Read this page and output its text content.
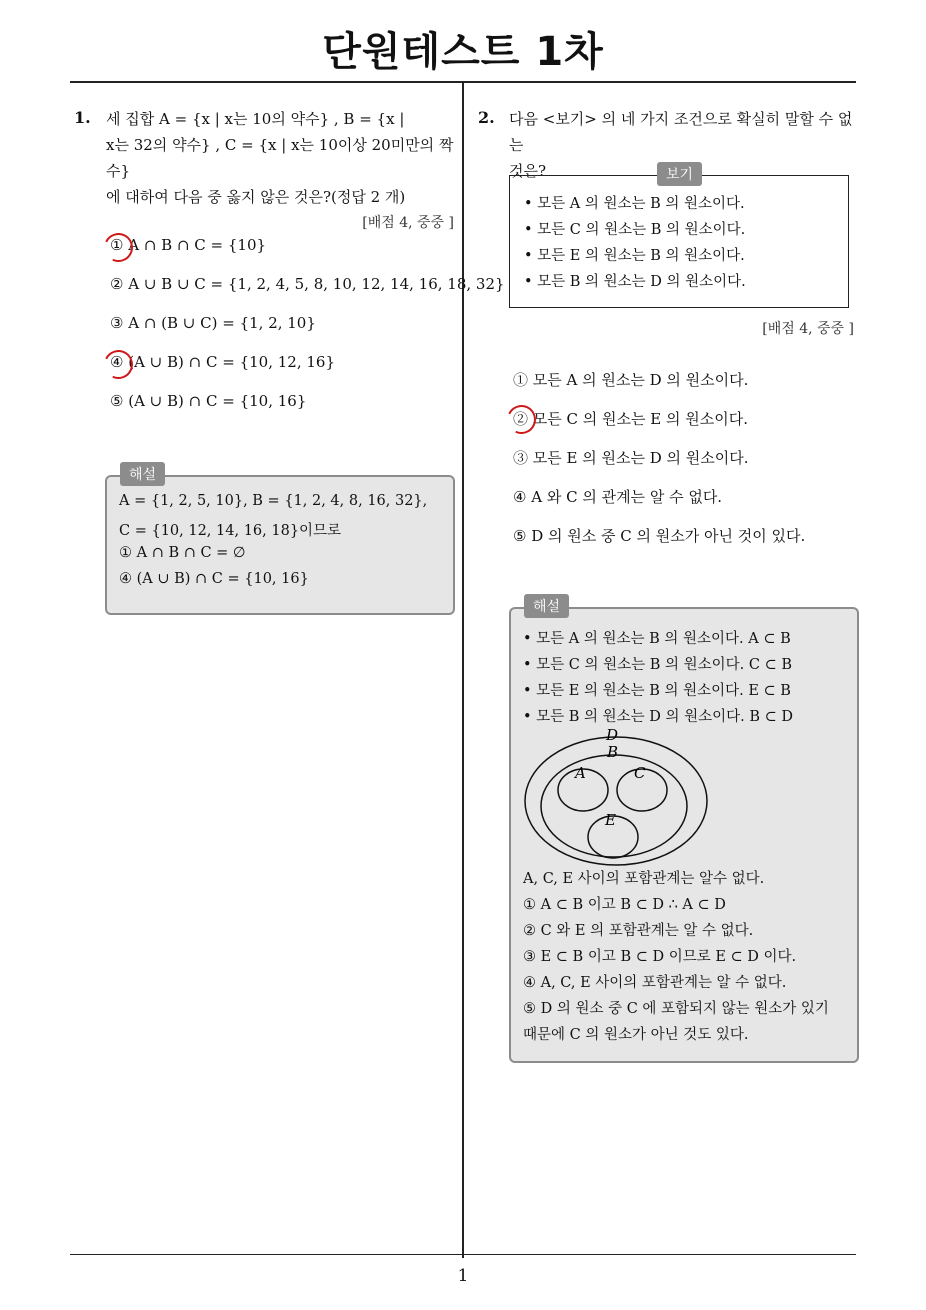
단원테스트 1차
1
1. 세 집합 A = {x | x는 10의 약수} , B = {x |
x는 32의 약수} , C = {x | x는 10이상 20미만의 짝수}
에 대하여 다음 중 옳지 않은 것은?(정답 2 개)
[배점 4, 중중 ]
① A ∩ B ∩ C = {10}
② A ∪ B ∪ C = {1, 2, 4, 5, 8, 10, 12, 14, 16, 18, 32}
③ A ∩ (B ∪ C) = {1, 2, 10}
④ (A ∪ B) ∩ C = {10, 12, 16}
⑤ (A ∪ B) ∩ C = {10, 16}
A = {1, 2, 5, 10}, B = {1, 2, 4, 8, 16, 32},
C = {10, 12, 14, 16, 18}이므로
① A ∩ B ∩ C = ∅
④ (A ∪ B) ∩ C = {10, 16}
해설
2. 다음 <보기> 의 네 가지 조건으로 확실히 말할 수 없는
것은?
• 모든 A 의 원소는 B 의 원소이다.
• 모든 C 의 원소는 B 의 원소이다.
• 모든 E 의 원소는 B 의 원소이다.
• 모든 B 의 원소는 D 의 원소이다.
보기
[배점 4, 중중 ]
① 모든 A 의 원소는 D 의 원소이다.
② 모든 C 의 원소는 E 의 원소이다.
③ 모든 E 의 원소는 D 의 원소이다.
④ A 와 C 의 관계는 알 수 없다.
⑤ D 의 원소 중 C 의 원소가 아닌 것이 있다.
• 모든 A 의 원소는 B 의 원소이다. A ⊂ B
• 모든 C 의 원소는 B 의 원소이다. C ⊂ B
• 모든 E 의 원소는 B 의 원소이다. E ⊂ B
• 모든 B 의 원소는 D 의 원소이다. B ⊂ D
D
B
A	C
E
A, C, E 사이의 포함관계는 알수 없다.
① A ⊂ B 이고 B ⊂ D ∴ A ⊂ D
② C 와 E 의 포함관계는 알 수 없다.
③ E ⊂ B 이고 B ⊂ D 이므로 E ⊂ D 이다.
④ A, C, E 사이의 포함관계는 알 수 없다.
⑤ D 의 원소 중 C 에 포함되지 않는 원소가 있기
때문에 C 의 원소가 아닌 것도 있다.
해설
